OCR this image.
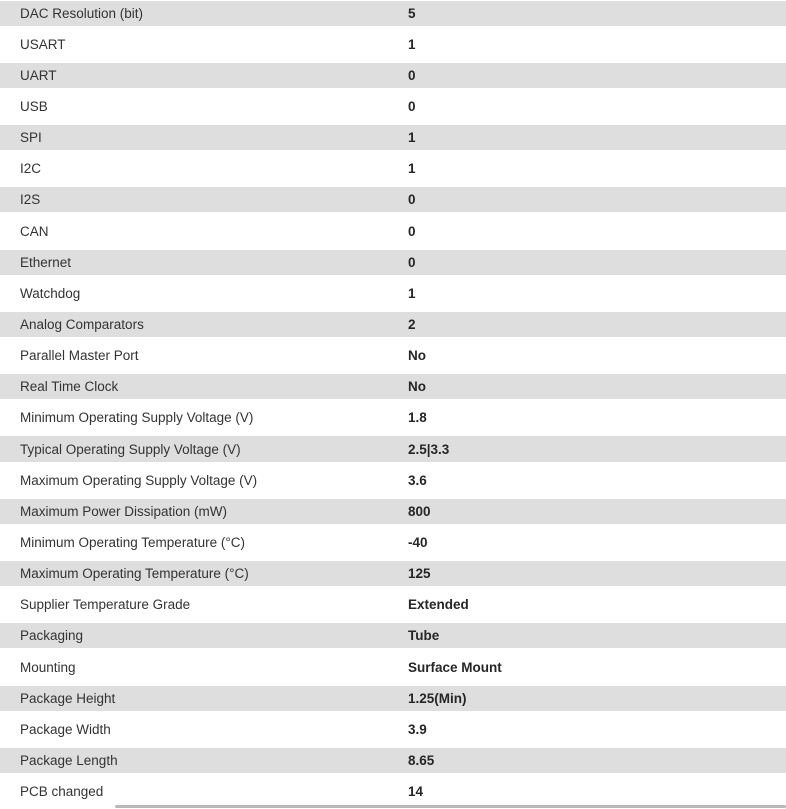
DAC Resolution (bit)	5
USART	1
UART	0
USB	0
SPI	1
I2C	1
I2S	0
CAN	0
Ethernet	0
Watchdog	1
Analog Comparators	2
Parallel Master Port	No
Real Time Clock	No
Minimum Operating Supply Voltage (V)	1.8
Typical Operating Supply Voltage (V)	2.5|3.3
Maximum Operating Supply Voltage (V)	3.6
Maximum Power Dissipation (mW)	800
Minimum Operating Temperature (°C)	-40
Maximum Operating Temperature (°C)	125
Supplier Temperature Grade	Extended
Packaging	Tube
Mounting	Surface Mount
Package Height	1.25(Min)
Package Width	3.9
Package Length	8.65
PCB changed	14
